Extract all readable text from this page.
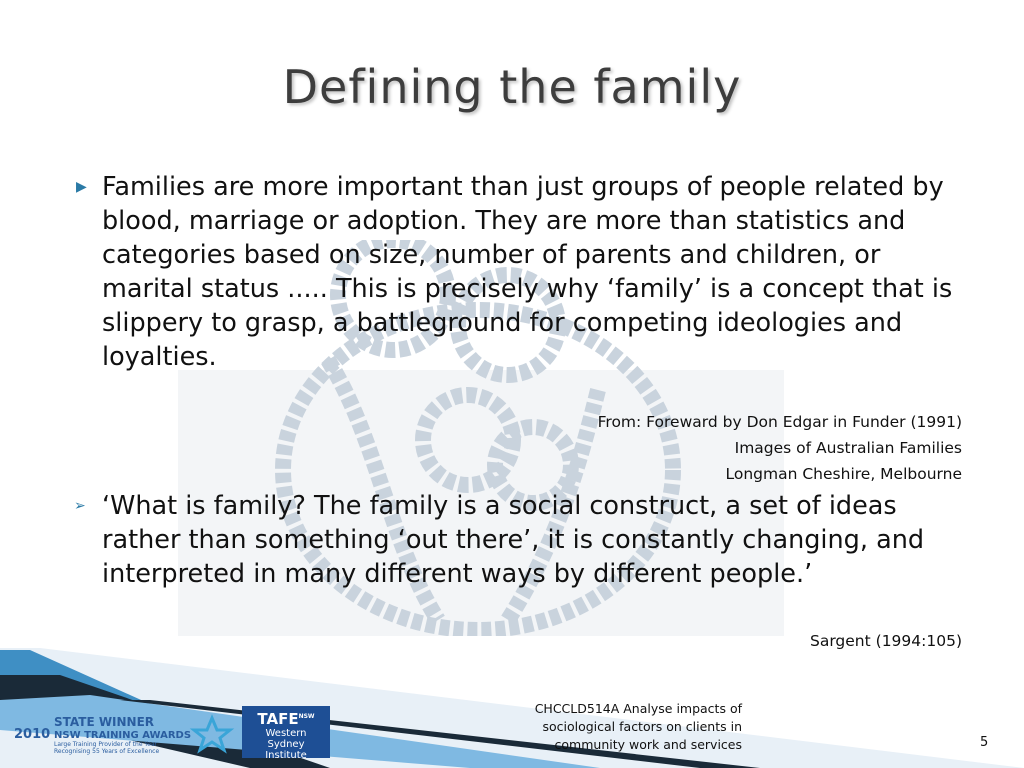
Defining the family
▶ Families are more important than just groups of people related by blood, marriage or adoption. They are more than statistics and categories based on size, number of parents and children, or marital status ..... This is precisely why ‘family’ is a concept that is slippery to grasp, a battleground for competing ideologies and loyalties.
From: Foreward by Don Edgar in Funder (1991)
Images of Australian Families
Longman Cheshire, Melbourne
➢ ‘What is family? The family is a social construct, a set of ideas rather than something ‘out there’, it is constantly changing, and interpreted in many different ways by different people.’
Sargent (1994:105)
2010
STATE WINNER
NSW TRAINING AWARDS
Large Training Provider of the Year
Recognising 55 Years of Excellence
$TAFE^{NSW}$
Western
Sydney
Institute
CHCCLD514A Analyse impacts of
sociological factors on clients in
community work and services	5
